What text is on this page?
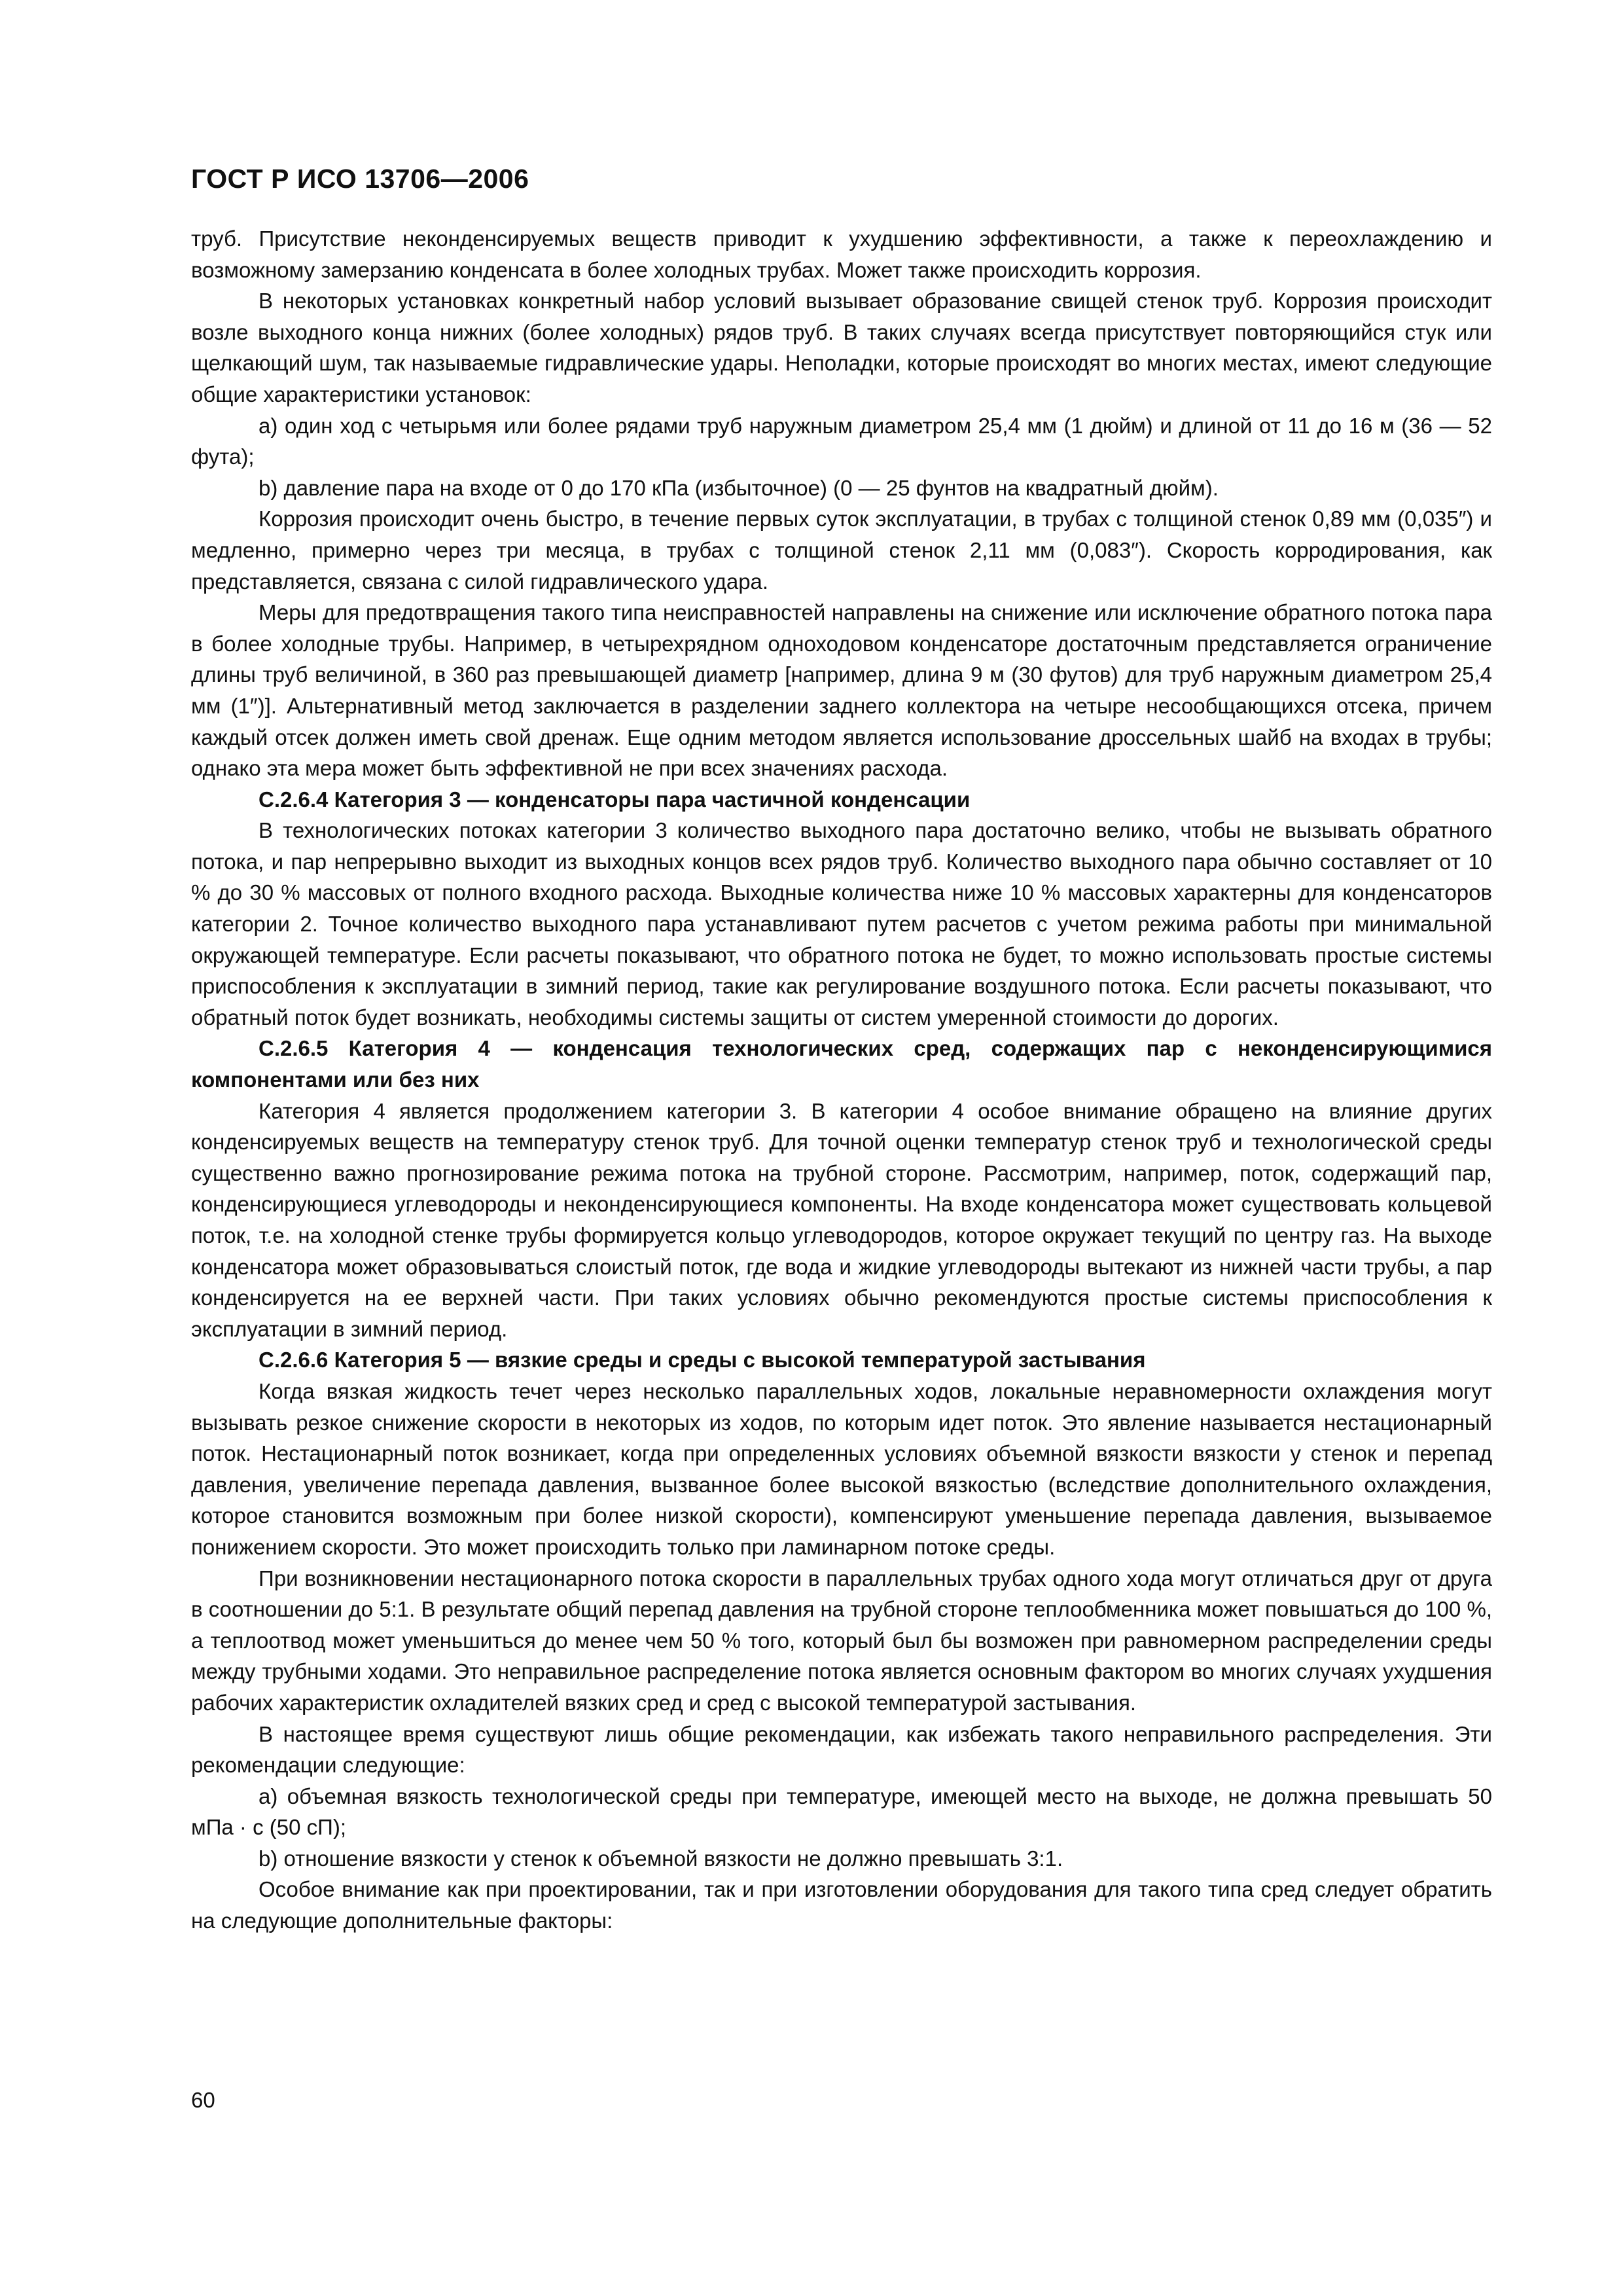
ГОСТ Р ИСО 13706—2006

труб. Присутствие неконденсируемых веществ приводит к ухудшению эффективности, а также к переохлаждению и возможному замерзанию конденсата в более холодных трубах. Может также происходить коррозия.

В некоторых установках конкретный набор условий вызывает образование свищей стенок труб. Коррозия происходит возле выходного конца нижних (более холодных) рядов труб. В таких случаях всегда присутствует повторяющийся стук или щелкающий шум, так называемые гидравлические удары. Неполадки, которые происходят во многих местах, имеют следующие общие характеристики установок:

a) один ход с четырьмя или более рядами труб наружным диаметром 25,4 мм (1 дюйм) и длиной от 11 до 16 м (36 — 52 фута);

b) давление пара на входе от 0 до 170 кПа (избыточное) (0 — 25 фунтов на квадратный дюйм).

Коррозия происходит очень быстро, в течение первых суток эксплуатации, в трубах с толщиной стенок 0,89 мм (0,035″) и медленно, примерно через три месяца, в трубах с толщиной стенок 2,11 мм (0,083″). Скорость корродирования, как представляется, связана с силой гидравлического удара.

Меры для предотвращения такого типа неисправностей направлены на снижение или исключение обратного потока пара в более холодные трубы. Например, в четырехрядном одноходовом конденсаторе достаточным представляется ограничение длины труб величиной, в 360 раз превышающей диаметр [например, длина 9 м (30 футов) для труб наружным диаметром 25,4 мм (1″)]. Альтернативный метод заключается в разделении заднего коллектора на четыре несообщающихся отсека, причем каждый отсек должен иметь свой дренаж. Еще одним методом является использование дроссельных шайб на входах в трубы; однако эта мера может быть эффективной не при всех значениях расхода.

С.2.6.4 Категория 3 — конденсаторы пара частичной конденсации

В технологических потоках категории 3 количество выходного пара достаточно велико, чтобы не вызывать обратного потока, и пар непрерывно выходит из выходных концов всех рядов труб. Количество выходного пара обычно составляет от 10 % до 30 % массовых от полного входного расхода. Выходные количества ниже 10 % массовых характерны для конденсаторов категории 2. Точное количество выходного пара устанавливают путем расчетов с учетом режима работы при минимальной окружающей температуре. Если расчеты показывают, что обратного потока не будет, то можно использовать простые системы приспособления к эксплуатации в зимний период, такие как регулирование воздушного потока. Если расчеты показывают, что обратный поток будет возникать, необходимы системы защиты от систем умеренной стоимости до дорогих.

С.2.6.5 Категория 4 — конденсация технологических сред, содержащих пар с неконденсирующимися компонентами или без них

Категория 4 является продолжением категории 3. В категории 4 особое внимание обращено на влияние других конденсируемых веществ на температуру стенок труб. Для точной оценки температур стенок труб и технологической среды существенно важно прогнозирование режима потока на трубной стороне. Рассмотрим, например, поток, содержащий пар, конденсирующиеся углеводороды и неконденсирующиеся компоненты. На входе конденсатора может существовать кольцевой поток, т.е. на холодной стенке трубы формируется кольцо углеводородов, которое окружает текущий по центру газ. На выходе конденсатора может образовываться слоистый поток, где вода и жидкие углеводороды вытекают из нижней части трубы, а пар конденсируется на ее верхней части. При таких условиях обычно рекомендуются простые системы приспособления к эксплуатации в зимний период.

С.2.6.6 Категория 5 — вязкие среды и среды с высокой температурой застывания

Когда вязкая жидкость течет через несколько параллельных ходов, локальные неравномерности охлаждения могут вызывать резкое снижение скорости в некоторых из ходов, по которым идет поток. Это явление называется нестационарный поток. Нестационарный поток возникает, когда при определенных условиях объемной вязкости вязкости у стенок и перепад давления, увеличение перепада давления, вызванное более высокой вязкостью (вследствие дополнительного охлаждения, которое становится возможным при более низкой скорости), компенсируют уменьшение перепада давления, вызываемое понижением скорости. Это может происходить только при ламинарном потоке среды.

При возникновении нестационарного потока скорости в параллельных трубах одного хода могут отличаться друг от друга в соотношении до 5:1. В результате общий перепад давления на трубной стороне теплообменника может повышаться до 100 %, а теплоотвод может уменьшиться до менее чем 50 % того, который был бы возможен при равномерном распределении среды между трубными ходами. Это неправильное распределение потока является основным фактором во многих случаях ухудшения рабочих характеристик охладителей вязких сред и сред с высокой температурой застывания.

В настоящее время существуют лишь общие рекомендации, как избежать такого неправильного распределения. Эти рекомендации следующие:

a) объемная вязкость технологической среды при температуре, имеющей место на выходе, не должна превышать 50 мПа · с (50 сП);

b) отношение вязкости у стенок к объемной вязкости не должно превышать 3:1.

Особое внимание как при проектировании, так и при изготовлении оборудования для такого типа сред следует обратить на следующие дополнительные факторы:

60
